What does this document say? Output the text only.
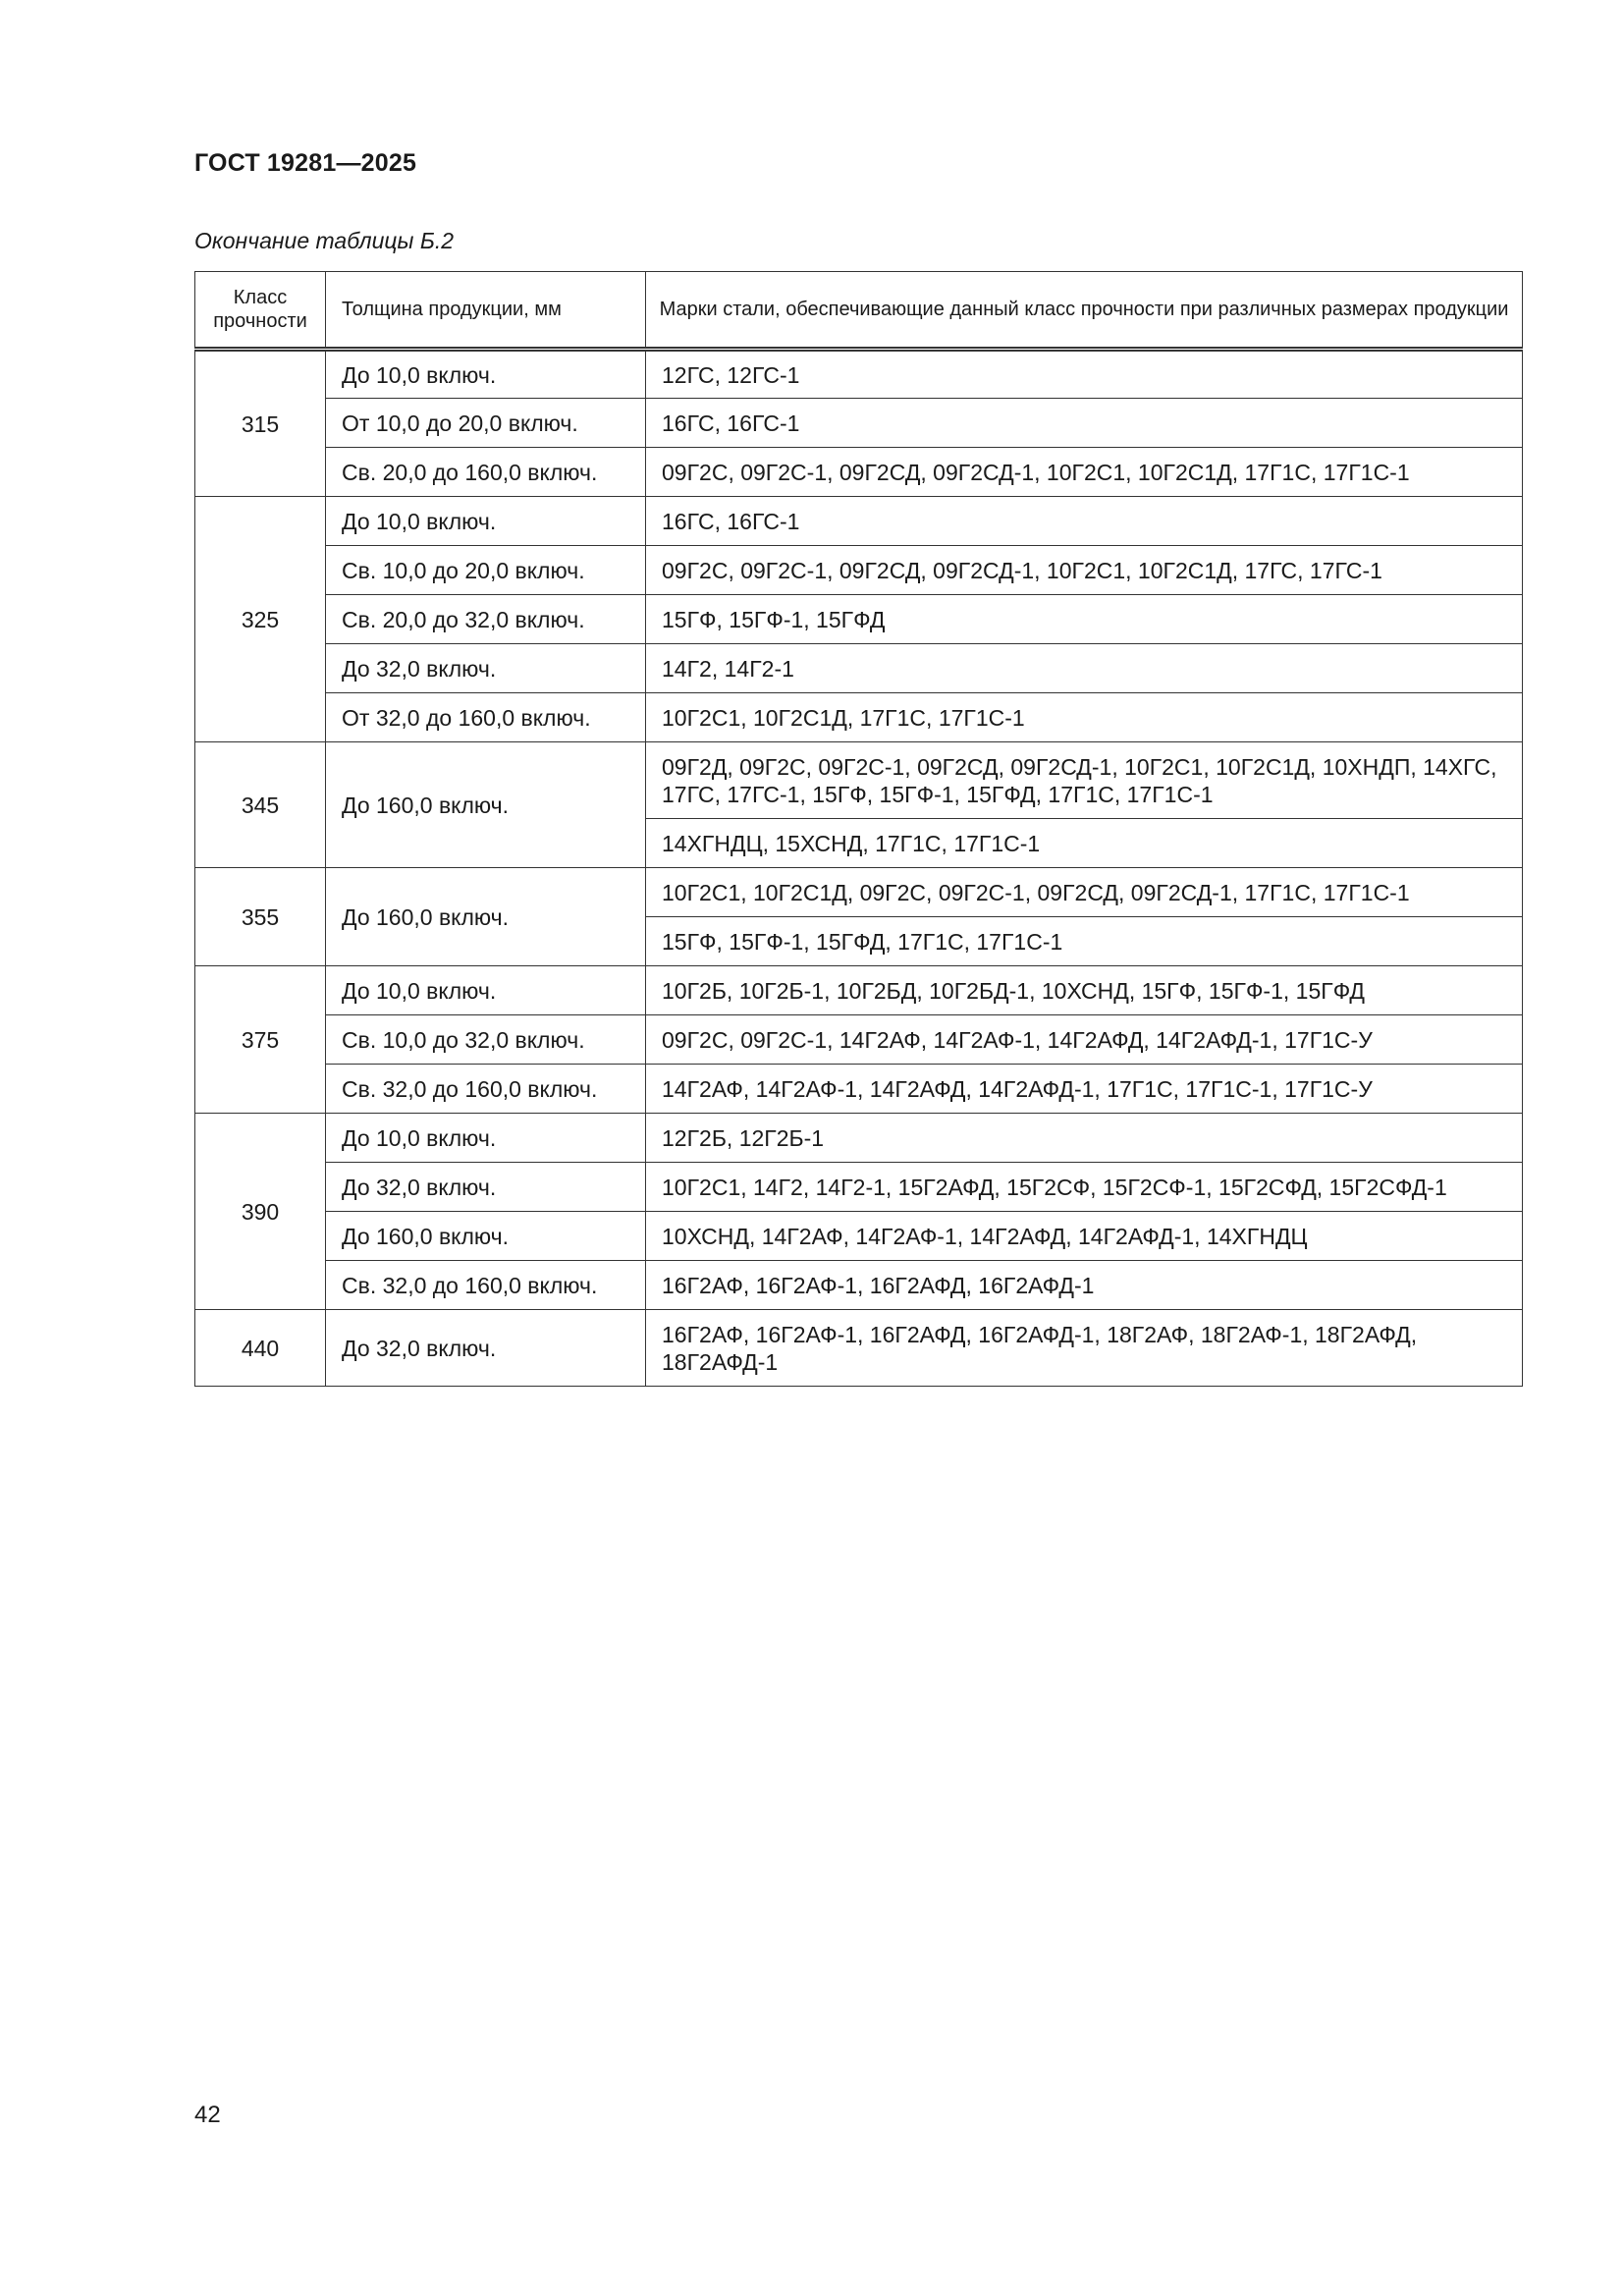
ГОСТ 19281—2025
Окончание таблицы Б.2
Класс прочности	Толщина продукции, мм	Марки стали, обеспечивающие данный класс прочности при различных размерах продукции
315	До 10,0 включ.	12ГС, 12ГС-1
	От 10,0 до 20,0 включ.	16ГС, 16ГС-1
	Св. 20,0 до 160,0 включ.	09Г2С, 09Г2С-1, 09Г2СД, 09Г2СД-1, 10Г2С1, 10Г2С1Д, 17Г1С, 17Г1С-1
325	До 10,0 включ.	16ГС, 16ГС-1
	Св. 10,0 до 20,0 включ.	09Г2С, 09Г2С-1, 09Г2СД, 09Г2СД-1, 10Г2С1, 10Г2С1Д, 17ГС, 17ГС-1
	Св. 20,0 до 32,0 включ.	15ГФ, 15ГФ-1, 15ГФД
	До 32,0 включ.	14Г2, 14Г2-1
	От 32,0 до 160,0 включ.	10Г2С1, 10Г2С1Д, 17Г1С, 17Г1С-1
345	До 160,0 включ.	09Г2Д, 09Г2С, 09Г2С-1, 09Г2СД, 09Г2СД-1, 10Г2С1, 10Г2С1Д, 10ХНДП, 14ХГС, 17ГС, 17ГС-1, 15ГФ, 15ГФ-1, 15ГФД, 17Г1С, 17Г1С-1
		14ХГНДЦ, 15ХСНД, 17Г1С, 17Г1С-1
355	До 160,0 включ.	10Г2С1, 10Г2С1Д, 09Г2С, 09Г2С-1, 09Г2СД, 09Г2СД-1, 17Г1С, 17Г1С-1
		15ГФ, 15ГФ-1, 15ГФД, 17Г1С, 17Г1С-1
375	До 10,0 включ.	10Г2Б, 10Г2Б-1, 10Г2БД, 10Г2БД-1, 10ХСНД, 15ГФ, 15ГФ-1, 15ГФД
	Св. 10,0 до 32,0 включ.	09Г2С, 09Г2С-1, 14Г2АФ, 14Г2АФ-1, 14Г2АФД, 14Г2АФД-1, 17Г1С-У
	Св. 32,0 до 160,0 включ.	14Г2АФ, 14Г2АФ-1, 14Г2АФД, 14Г2АФД-1, 17Г1С, 17Г1С-1, 17Г1С-У
390	До 10,0 включ.	12Г2Б, 12Г2Б-1
	До 32,0 включ.	10Г2С1, 14Г2, 14Г2-1, 15Г2АФД, 15Г2СФ, 15Г2СФ-1, 15Г2СФД, 15Г2СФД-1
	До 160,0 включ.	10ХСНД, 14Г2АФ, 14Г2АФ-1, 14Г2АФД, 14Г2АФД-1, 14ХГНДЦ
	Св. 32,0 до 160,0 включ.	16Г2АФ, 16Г2АФ-1, 16Г2АФД, 16Г2АФД-1
440	До 32,0 включ.	16Г2АФ, 16Г2АФ-1, 16Г2АФД, 16Г2АФД-1, 18Г2АФ, 18Г2АФ-1, 18Г2АФД, 18Г2АФД-1
42
